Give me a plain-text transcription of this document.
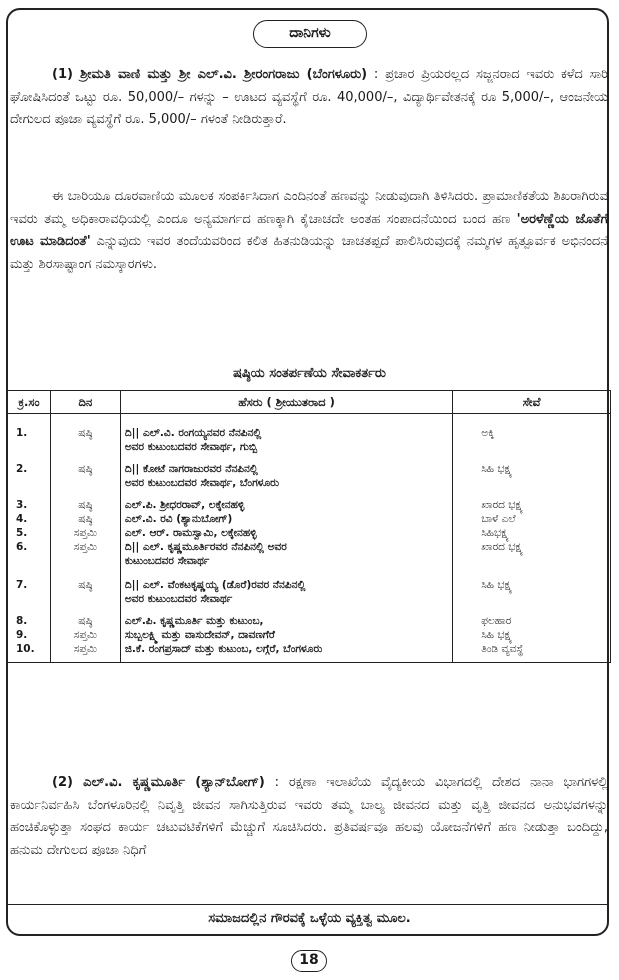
ದಾನಿಗಳು

(1) ಶ್ರೀಮತಿ ವಾಣಿ ಮತ್ತು ಶ್ರೀ ಎಲ್.ವಿ. ಶ್ರೀರಂಗರಾಜು (ಬೆಂಗಳೂರು) : ಪ್ರಚಾರ ಪ್ರಿಯರಲ್ಲದ ಸಜ್ಜನರಾದ ಇವರು ಕಳೆದ ಸಾರಿ ಘೋಷಿಸಿದಂತೆ ಒಟ್ಟು ರೂ. 50,000/– ಗಳನ್ನು – ಊಟದ ವ್ಯವಸ್ಥೆಗೆ ರೂ. 40,000/–, ವಿದ್ಯಾರ್ಥಿವೇತನಕ್ಕೆ ರೂ 5,000/–, ಆಂಜನೇಯ ದೇಗುಲದ ಪೂಜಾ ವ್ಯವಸ್ಥೆಗೆ ರೂ. 5,000/– ಗಳಂತೆ ನೀಡಿರುತ್ತಾರೆ.

ಈ ಬಾರಿಯೂ ದೂರವಾಣಿಯ ಮೂಲಕ ಸಂಪರ್ಕಿಸಿದಾಗ ಎಂದಿನಂತೆ ಹಣವನ್ನು ನೀಡುವುದಾಗಿ ತಿಳಿಸಿದರು. ಪ್ರಾಮಾಣಿಕತೆಯ ಶಿಖರಾಗಿರುವ ಇವರು ತಮ್ಮ ಅಧಿಕಾರಾವಧಿಯಲ್ಲಿ ಎಂದೂ ಅನ್ಯಮಾರ್ಗದ ಹಣಕ್ಕಾಗಿ ಕೈಚಾಚದೇ ಅಂತಹ ಸಂಪಾದನೆಯಿಂದ ಬಂದ ಹಣ 'ಅರಳೆಣ್ಣೆಯ ಜೊತೆಗೆ ಊಟ ಮಾಡಿದಂತೆ' ಎನ್ನುವುದು ಇವರ ತಂದೆಯವರಿಂದ ಕಲಿತ ಹಿತನುಡಿಯನ್ನು ಚಾಚತಪ್ಪದೆ ಪಾಲಿಸಿರುವುದಕ್ಕೆ ನಮ್ಮಗಳ ಹೃತ್ಪೂರ್ವಕ ಅಭಿನಂದನೆ ಮತ್ತು ಶಿರಸಾಷ್ಟಾಂಗ ನಮಸ್ಕಾರಗಳು.

ಷಷ್ಠಿಯ ಸಂತರ್ಪಣೆಯ ಸೇವಾಕರ್ತರು
ಕ್ರ.ಸಂ	ದಿನ	ಹೆಸರು ( ಶ್ರೀಯುತರಾದ )	ಸೇವೆ
1.	ಷಷ್ಠಿ	ದಿ|| ಎಲ್.ವಿ. ರಂಗಯ್ಯನವರ ನೆನಪಿನಲ್ಲಿ
ಅವರ ಕುಟುಂಬದವರ ಸೇವಾರ್ಥ, ಗುಬ್ಬಿ	ಅಕ್ಕಿ
2.	ಷಷ್ಠಿ	ದಿ|| ಕೋಟೆ ನಾಗರಾಜುರವರ ನೆನಪಿನಲ್ಲಿ
ಅವರ ಕುಟುಂಬದವರ ಸೇವಾರ್ಥ, ಬೆಂಗಳೂರು	ಸಿಹಿ ಭಕ್ಷ್ಯ
3.	ಷಷ್ಠಿ	ಎಲ್.ಪಿ. ಶ್ರೀಧರರಾವ್, ಲಕ್ಕೇನಹಳ್ಳಿ	ಖಾರದ ಭಕ್ಷ್ಯ
4.	ಷಷ್ಠಿ	ಎಲ್.ವಿ. ರವಿ (ಶ್ಯಾನುಬೋಗ್)	ಬಾಳೆ ಎಲೆ
5.	ಸಪ್ತಮಿ	ಎಲ್. ಆರ್. ರಾಮಸ್ವಾಮಿ, ಲಕ್ಕೇನಹಳ್ಳಿ	ಸಿಹಿಭಕ್ಷ್ಯ
6.	ಸಪ್ತಮಿ	ದಿ|| ಎಲ್. ಕೃಷ್ಣಮೂರ್ತಿರವರ ನೆನಪಿನಲ್ಲಿ ಅವರ
ಕುಟುಂಬದವರ ಸೇವಾರ್ಥ	ಖಾರದ ಭಕ್ಷ್ಯ
7.	ಷಷ್ಠಿ	ದಿ|| ಎಲ್. ವೆಂಕಟಕೃಷ್ಣಯ್ಯ (ಡೊರೆ)ರವರ ನೆನಪಿನಲ್ಲಿ
ಅವರ ಕುಟುಂಬದವರ ಸೇವಾರ್ಥ	ಸಿಹಿ ಭಕ್ಷ್ಯ
8.	ಷಷ್ಠಿ	ಎಲ್.ಪಿ. ಕೃಷ್ಣಮೂರ್ತಿ ಮತ್ತು ಕುಟುಂಬ,	ಫಲಹಾರ
9.	ಸಪ್ತಮಿ	ಸುಬ್ಬಲಕ್ಷ್ಮಿ ಮತ್ತು ವಾಸುದೇವನ್, ದಾವಣಗೆರೆ	ಸಿಹಿ ಭಕ್ಷ್ಯ
10.	ಸಪ್ತಮಿ	ಜಿ.ಕೆ. ರಂಗಪ್ರಸಾದ್ ಮತ್ತು ಕುಟುಂಬ, ಲಗ್ಗೆರೆ, ಬೆಂಗಳೂರು	ತಿಂಡಿ ವ್ಯವಸ್ಥೆ

(2) ಎಲ್.ವಿ. ಕೃಷ್ಣಮೂರ್ತಿ (ಶ್ಯಾನ್‌ಬೋಗ್) : ರಕ್ಷಣಾ ಇಲಾಖೆಯ ವೈದ್ಯಕೀಯ ವಿಭಾಗದಲ್ಲಿ ದೇಶದ ನಾನಾ ಭಾಗಗಳಲ್ಲಿ ಕಾರ್ಯನಿರ್ವಹಿಸಿ ಬೆಂಗಳೂರಿನಲ್ಲಿ ನಿವೃತ್ತಿ ಜೀವನ ಸಾಗಿಸುತ್ತಿರುವ ಇವರು ತಮ್ಮ ಬಾಲ್ಯ ಜೀವನದ ಮತ್ತು ವೃತ್ತಿ ಜೀವನದ ಅನುಭವಗಳನ್ನು ಹಂಚಿಕೊಳ್ಳುತ್ತಾ ಸಂಘದ ಕಾರ್ಯ ಚಟುವಟಿಕೆಗಳಿಗೆ ಮೆಚ್ಚುಗೆ ಸೂಚಿಸಿದರು. ಪ್ರತಿವರ್ಷವೂ ಹಲವು ಯೋಜನೆಗಳಿಗೆ ಹಣ ನೀಡುತ್ತಾ ಬಂದಿದ್ದು, ಹನುಮ ದೇಗುಲದ ಪೂಜಾ ನಿಧಿಗೆ

ಸಮಾಜದಲ್ಲಿನ ಗೌರವಕ್ಕೆ ಒಳ್ಳೆಯ ವ್ಯಕ್ತಿತ್ವ ಮೂಲ.
18
